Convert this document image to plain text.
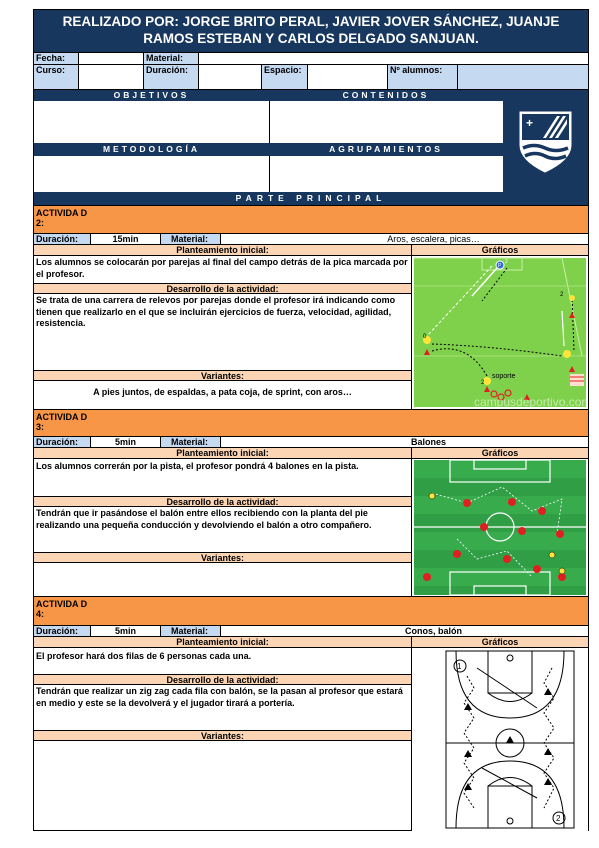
REALIZADO POR: JORGE BRITO PERAL, JAVIER JOVER SÁNCHEZ, JUANJE RAMOS ESTEBAN Y CARLOS DELGADO SANJUAN.
Fecha:	Material:
Curso:	Duración:	Espacio:	Nº alumnos:
OBJETIVOS	CONTENIDOS
METODOLOGÍA	AGRUPAMIENTOS
+
PARTE PRINCIPAL
ACTIVIDA D 2:
Duración:	15min	Material:	Aros, escalera, picas…
Planteamiento inicial:	Gráficos
Los alumnos se colocarán por parejas al final del campo detrás de la pica marcada por el profesor.
Desarrollo de la actividad:
Se trata de una carrera de relevos por parejas donde el profesor irá indicando como tienen que realizarlo en el que se incluirán ejercicios de fuerza, velocidad, agilidad, resistencia.
Variantes:
A pies juntos, de espaldas, a pata coja, de sprint, con aros…
P
2
2
0
2
soporte
campusdeportivo.com
ACTIVIDA D 3:
Duración:	5min	Material:	Balones
Planteamiento inicial:	Gráficos
Los alumnos correrán por la pista, el profesor pondrá 4 balones en la pista.
Desarrollo de la actividad:
Tendrán que ir pasándose el balón entre ellos recibiendo con la planta del pie realizando una pequeña conducción y devolviendo el balón a otro compañero.
Variantes:
ACTIVIDA D 4:
Duración:	5min	Material:	Conos, balón
Planteamiento inicial:	Gráficos
El profesor hará dos filas de 6 personas cada una.
Desarrollo de la actividad:
Tendrán que realizar un zig zag cada fila con balón, se la pasan al profesor que estará en medio y este se la devolverá y el jugador tirará a portería.
Variantes:
1
2
